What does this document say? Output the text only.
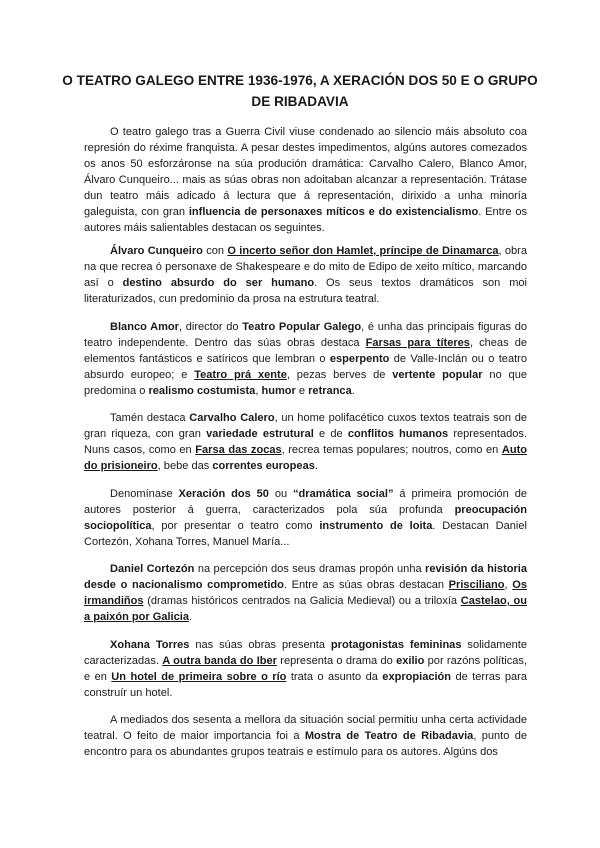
O TEATRO GALEGO ENTRE 1936-1976, A XERACIÓN DOS 50 E O GRUPO DE RIBADAVIA
O teatro galego tras a Guerra Civil viuse condenado ao silencio máis absoluto coa represión do réxime franquista. A pesar destes impedimentos, algúns autores comezados os anos 50 esforzáronse na súa produción dramática: Carvalho Calero, Blanco Amor, Álvaro Cunqueiro... mais as súas obras non adoitaban alcanzar a representación. Trátase dun teatro máis adicado á lectura que á representación, dirixido a unha minoría galeguista, con gran influencia de personaxes míticos e do existencialismo. Entre os autores máis salientables destacan os seguintes.
Álvaro Cunqueiro con O incerto señor don Hamlet, príncipe de Dinamarca, obra na que recrea ó personaxe de Shakespeare e do mito de Edipo de xeito mítico, marcando así o destino absurdo do ser humano. Os seus textos dramáticos son moi literaturizados, cun predominio da prosa na estrutura teatral.
Blanco Amor, director do Teatro Popular Galego, é unha das principais figuras do teatro independente. Dentro das súas obras destaca Farsas para títeres, cheas de elementos fantásticos e satíricos que lembran o esperpento de Valle-Inclán ou o teatro absurdo europeo; e Teatro prá xente, pezas berves de vertente popular no que predomina o realismo costumista, humor e retranca.
Tamén destaca Carvalho Calero, un home polifacético cuxos textos teatrais son de gran riqueza, con gran variedade estrutural e de conflitos humanos representados. Nuns casos, como en Farsa das zocas, recrea temas populares; noutros, como en Auto do prisioneiro, bebe das correntes europeas.
Denomínase Xeración dos 50 ou “dramática social” á primeira promoción de autores posterior á guerra, caracterizados pola súa profunda preocupación sociopolítica, por presentar o teatro como instrumento de loita. Destacan Daniel Cortezón, Xohana Torres, Manuel María...
Daniel Cortezón na percepción dos seus dramas propón unha revisión da historia desde o nacionalismo comprometido. Entre as súas obras destacan Prisciliano, Os irmandiños (dramas históricos centrados na Galicia Medieval) ou a triloxía Castelao, ou a paixón por Galicia.
Xohana Torres nas súas obras presenta protagonistas femininas solidamente caracterizadas. A outra banda do Iber representa o drama do exilio por razóns políticas, e en Un hotel de primeira sobre o río trata o asunto da expropiación de terras para construír un hotel.
A mediados dos sesenta a mellora da situación social permitiu unha certa actividade teatral. O feito de maior importancia foi a Mostra de Teatro de Ribadavia, punto de encontro para os abundantes grupos teatrais e estímulo para os autores. Algúns dos
